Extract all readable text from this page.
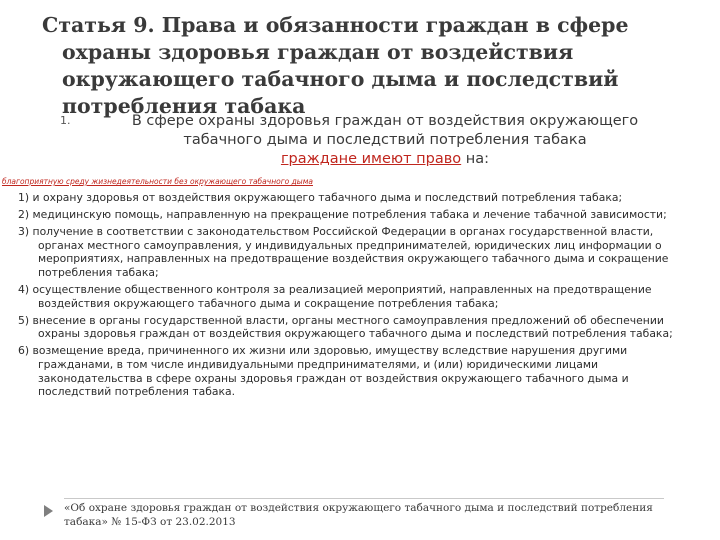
Статья 9. Права и обязанности граждан в сфере охраны здоровья граждан от воздействия окружающего табачного дыма и последствий потребления табака
1.	В сфере охраны здоровья граждан от воздействия окружающего табачного дыма и последствий потребления табака
граждане имеют право на:
благоприятную среду жизнедеятельности без окружающего табачного дыма
1) и охрану здоровья от воздействия окружающего табачного дыма и последствий потребления табака;
2) медицинскую помощь, направленную на прекращение потребления табака и лечение табачной зависимости;
3) получение в соответствии с законодательством Российской Федерации в органах государственной власти, органах местного самоуправления, у индивидуальных предпринимателей, юридических лиц информации о мероприятиях, направленных на предотвращение воздействия окружающего табачного дыма и сокращение потребления табака;
4) осуществление общественного контроля за реализацией мероприятий, направленных на предотвращение воздействия окружающего табачного дыма и сокращение потребления табака;
5) внесение в органы государственной власти, органы местного самоуправления предложений об обеспечении охраны здоровья граждан от воздействия окружающего табачного дыма и последствий потребления табака;
6) возмещение вреда, причиненного их жизни или здоровью, имуществу вследствие нарушения другими гражданами, в том числе индивидуальными предпринимателями, и (или) юридическими лицами законодательства в сфере охраны здоровья граждан от воздействия окружающего табачного дыма и последствий потребления табака.
«Об охране здоровья граждан от воздействия окружающего табачного дыма и последствий потребления табака» № 15-ФЗ от 23.02.2013
